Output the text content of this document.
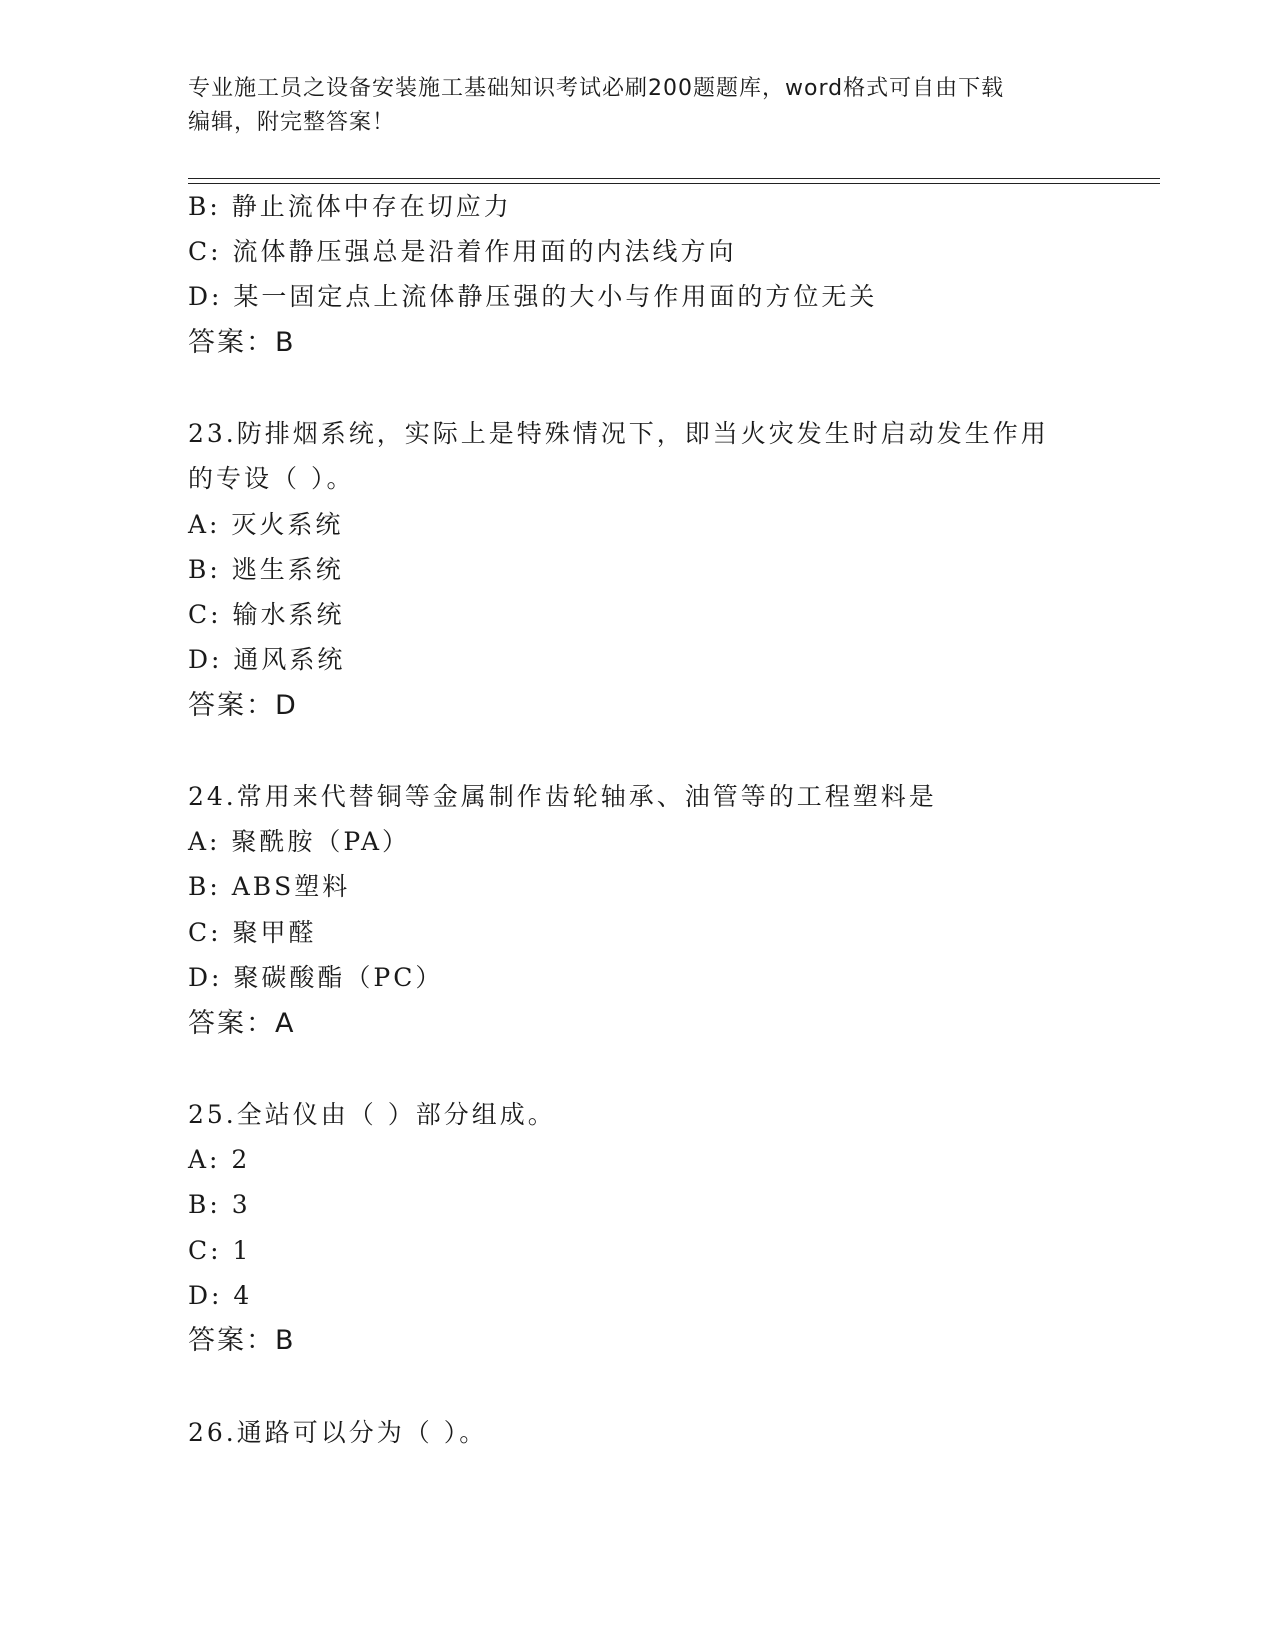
专业施工员之设备安装施工基础知识考试必刷200题题库，word格式可自由下载
编辑，附完整答案！
B: 静止流体中存在切应力
C: 流体静压强总是沿着作用面的内法线方向
D: 某一固定点上流体静压强的大小与作用面的方位无关
答案：B
23.防排烟系统，实际上是特殊情况下，即当火灾发生时启动发生作用
的专设（ ）。
A: 灭火系统
B: 逃生系统
C: 输水系统
D: 通风系统
答案：D
24.常用来代替铜等金属制作齿轮轴承、油管等的工程塑料是
A: 聚酰胺（PA）
B: ABS塑料
C: 聚甲醛
D: 聚碳酸酯（PC）
答案：A
25.全站仪由（ ）部分组成。
A: 2
B: 3
C: 1
D: 4
答案：B
26.通路可以分为（ ）。
